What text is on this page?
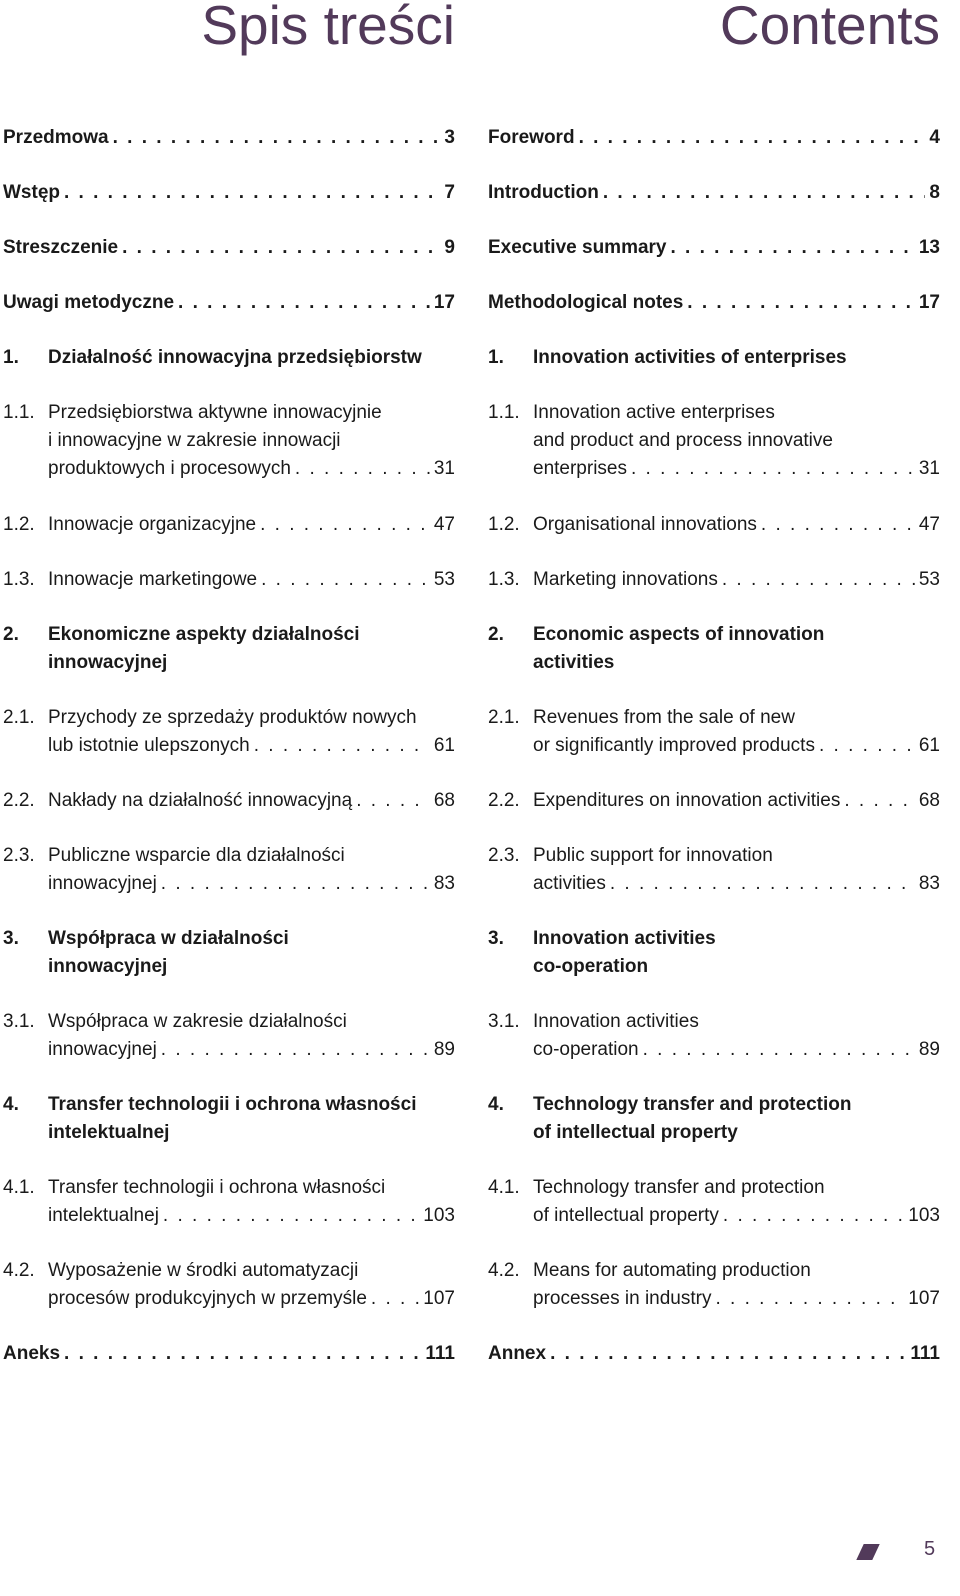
Spis treści
Przedmowa . . .	3
Wstęp . . .	7
Streszczenie . . .	9
Uwagi metodyczne . . .	17
1.	Działalność innowacyjna przedsiębiorstw
1.1. Przedsiębiorstwa aktywne innowacyjnie
i innowacyjne w zakresie innowacji
produktowych i procesowych . . .	31
1.2. Innowacje organizacyjne . . .	47
1.3. Innowacje marketingowe . . .	53
2.	Ekonomiczne aspekty działalności
innowacyjnej
2.1. Przychody ze sprzedaży produktów nowych
lub istotnie ulepszonych . . .	61
2.2. Nakłady na działalność innowacyjną . . .	68
2.3. Publiczne wsparcie dla działalności
innowacyjnej . . .	83
3.	Współpraca w działalności
innowacyjnej
3.1. Współpraca w zakresie działalności
innowacyjnej . . .	89
4.	Transfer technologii i ochrona własności
intelektualnej
4.1. Transfer technologii i ochrona własności
intelektualnej . . .	103
4.2. Wyposażenie w środki automatyzacji
procesów produkcyjnych w przemyśle . . .	107
Aneks . . .	111
Contents
Foreword . . .	4
Introduction . . .	8
Executive summary . . .	13
Methodological notes . . .	17
1.	Innovation activities of enterprises
1.1. Innovation active enterprises
and product and process innovative
enterprises . . .	31
1.2. Organisational innovations . . .	47
1.3. Marketing innovations . . .	53
2.	Economic aspects of innovation
activities
2.1. Revenues from the sale of new
or significantly improved products . . .	61
2.2. Expenditures on innovation activities . . .	68
2.3. Public support for innovation
activities . . .	83
3.	Innovation activities
co-operation
3.1. Innovation activities
co-operation . . .	89
4.	Technology transfer and protection
of intellectual property
4.1. Technology transfer and protection
of intellectual property . . .	103
4.2. Means for automating production
processes in industry . . .	107
Annex . . .	111
5
